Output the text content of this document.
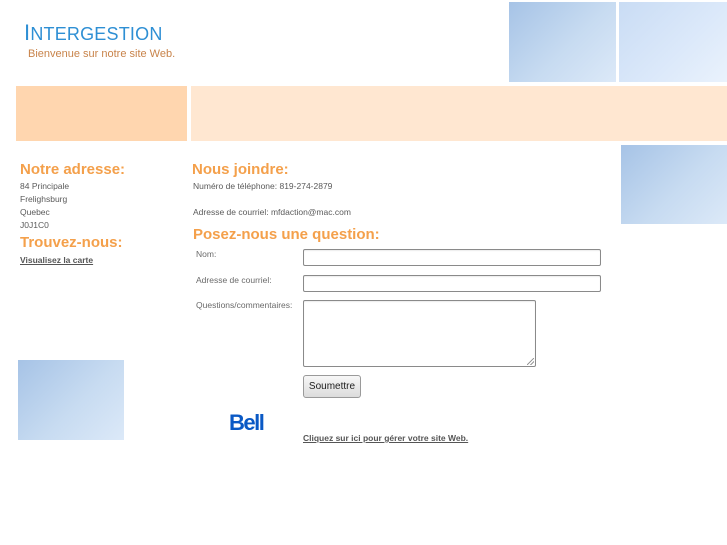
INTERGESTION
Bienvenue sur notre site Web.
Notre adresse:
84 Principale
Frelighsburg
Quebec
J0J1C0
Trouvez-nous:
Visualisez la carte
Nous joindre:
Numéro de téléphone: 819-274-2879
Adresse de courriel: mfdaction@mac.com
Posez-nous une question:
Nom:
Adresse de courriel:
Questions/commentaires:
Soumettre
Bell
Cliquez sur ici pour gérer votre site Web.
